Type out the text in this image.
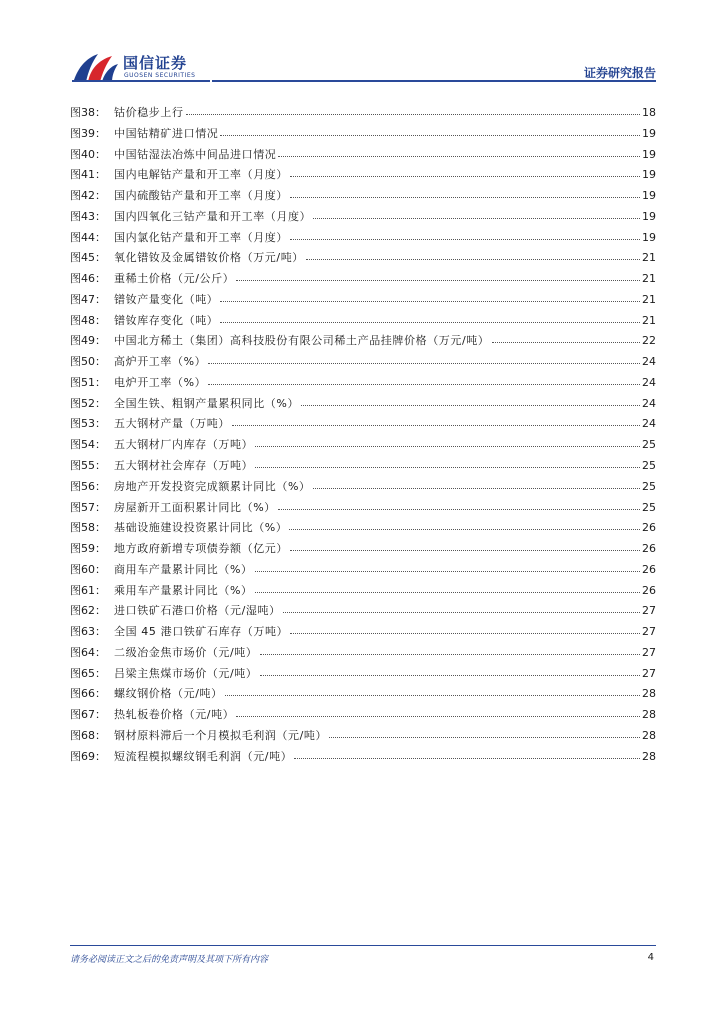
国信证券
GUOSEN SECURITIES	证券研究报告
图38： 钴价稳步上行	18
图39： 中国钴精矿进口情况	19
图40： 中国钴湿法冶炼中间品进口情况	19
图41： 国内电解钴产量和开工率（月度）	19
图42： 国内硫酸钴产量和开工率（月度）	19
图43： 国内四氧化三钴产量和开工率（月度）	19
图44： 国内氯化钴产量和开工率（月度）	19
图45： 氧化镨钕及金属镨钕价格（万元/吨）	21
图46： 重稀土价格（元/公斤）	21
图47： 镨钕产量变化（吨）	21
图48： 镨钕库存变化（吨）	21
图49： 中国北方稀土（集团）高科技股份有限公司稀土产品挂牌价格（万元/吨）	22
图50： 高炉开工率（%）	24
图51： 电炉开工率（%）	24
图52： 全国生铁、粗钢产量累积同比（%）	24
图53： 五大钢材产量（万吨）	24
图54： 五大钢材厂内库存（万吨）	25
图55： 五大钢材社会库存（万吨）	25
图56： 房地产开发投资完成额累计同比（%）	25
图57： 房屋新开工面积累计同比（%）	25
图58： 基础设施建设投资累计同比（%）	26
图59： 地方政府新增专项债券额（亿元）	26
图60： 商用车产量累计同比（%）	26
图61： 乘用车产量累计同比（%）	26
图62： 进口铁矿石港口价格（元/湿吨）	27
图63： 全国 45 港口铁矿石库存（万吨）	27
图64： 二级冶金焦市场价（元/吨）	27
图65： 吕梁主焦煤市场价（元/吨）	27
图66： 螺纹钢价格（元/吨）	28
图67： 热轧板卷价格（元/吨）	28
图68： 钢材原料滞后一个月模拟毛利润（元/吨）	28
图69： 短流程模拟螺纹钢毛利润（元/吨）	28
请务必阅读正文之后的免责声明及其项下所有内容	4
